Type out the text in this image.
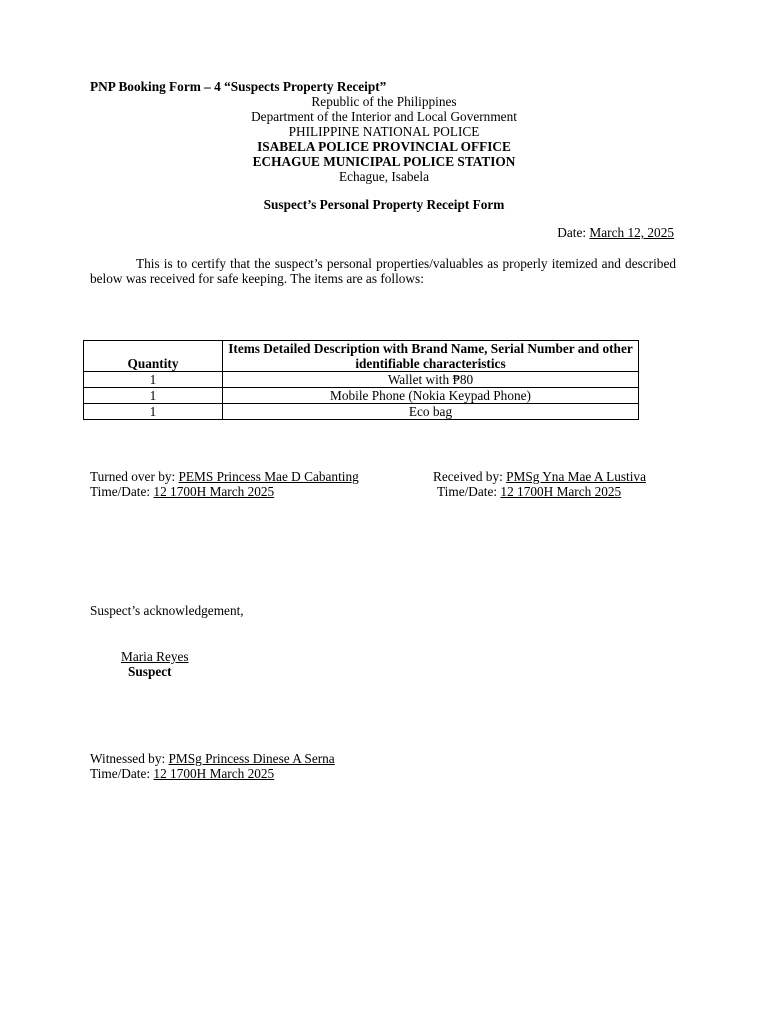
PNP Booking Form – 4 “Suspects Property Receipt”
Republic of the Philippines
Department of the Interior and Local Government
PHILIPPINE NATIONAL POLICE
ISABELA POLICE PROVINCIAL OFFICE
ECHAGUE MUNICIPAL POLICE STATION
Echague, Isabela
Suspect’s Personal Property Receipt Form
Date: March 12, 2025
This is to certify that the suspect’s personal properties/valuables as properly itemized and described below was received for safe keeping. The items are as follows:
Quantity	Items Detailed Description with Brand Name, Serial Number and other identifiable characteristics
1	Wallet with ₱80
1	Mobile Phone (Nokia Keypad Phone)
1	Eco bag
Turned over by: PEMS Princess Mae D Cabanting
Time/Date: 12 1700H March 2025
Received by: PMSg Yna Mae A Lustiva
Time/Date: 12 1700H March 2025
Suspect’s acknowledgement,
Maria Reyes
Suspect
Witnessed by: PMSg Princess Dinese A Serna
Time/Date: 12 1700H March 2025
